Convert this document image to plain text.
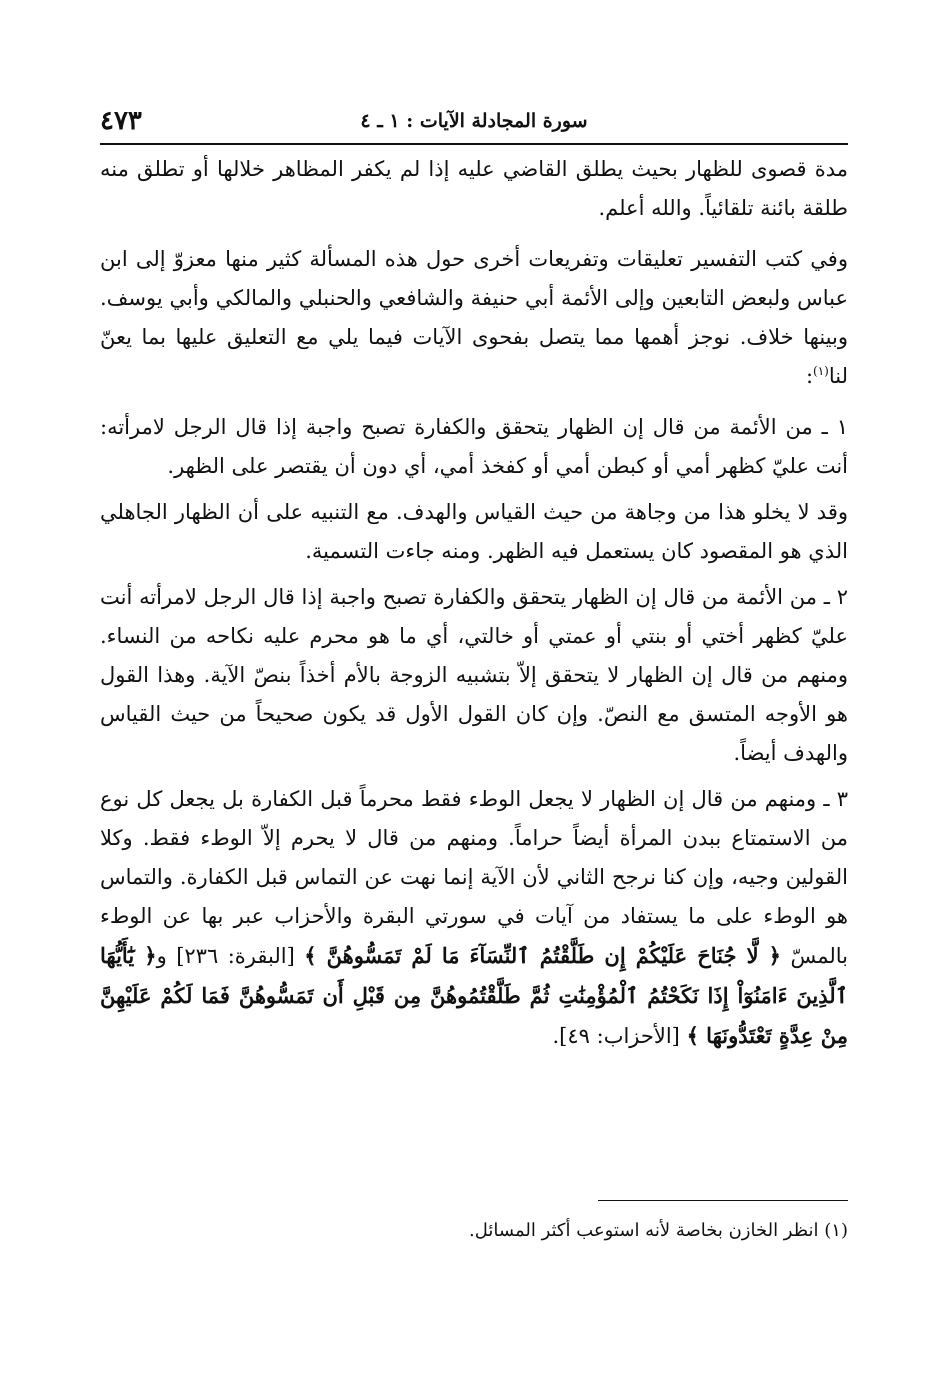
سورة المجادلة الآيات : ١ ـ ٤
٤٧٣

مدة قصوى للظهار بحيث يطلق القاضي عليه إذا لم يكفر المظاهر خلالها أو تطلق منه طلقة بائنة تلقائياً. والله أعلم.

وفي كتب التفسير تعليقات وتفريعات أخرى حول هذه المسألة كثير منها معزوّ إلى ابن عباس ولبعض التابعين وإلى الأئمة أبي حنيفة والشافعي والحنبلي والمالكي وأبي يوسف. وبينها خلاف. نوجز أهمها مما يتصل بفحوى الآيات فيما يلي مع التعليق عليها بما يعنّ لنا$^{(١)}$:

١ ـ من الأئمة من قال إن الظهار يتحقق والكفارة تصبح واجبة إذا قال الرجل لامرأته: أنت عليّ كظهر أمي أو كبطن أمي أو كفخذ أمي، أي دون أن يقتصر على الظهر.

وقد لا يخلو هذا من وجاهة من حيث القياس والهدف. مع التنبيه على أن الظهار الجاهلي الذي هو المقصود كان يستعمل فيه الظهر. ومنه جاءت التسمية.

٢ ـ من الأئمة من قال إن الظهار يتحقق والكفارة تصبح واجبة إذا قال الرجل لامرأته أنت عليّ كظهر أختي أو بنتي أو عمتي أو خالتي، أي ما هو محرم عليه نكاحه من النساء. ومنهم من قال إن الظهار لا يتحقق إلاّ بتشبيه الزوجة بالأم أخذاً بنصّ الآية. وهذا القول هو الأوجه المتسق مع النصّ. وإن كان القول الأول قد يكون صحيحاً من حيث القياس والهدف أيضاً.

٣ ـ ومنهم من قال إن الظهار لا يجعل الوطء فقط محرماً قبل الكفارة بل يجعل كل نوع من الاستمتاع ببدن المرأة أيضاً حراماً. ومنهم من قال لا يحرم إلاّ الوطء فقط. وكلا القولين وجيه، وإن كنا نرجح الثاني لأن الآية إنما نهت عن التماس قبل الكفارة. والتماس هو الوطء على ما يستفاد من آيات في سورتي البقرة والأحزاب عبر بها عن الوطء بالمسّ ﴿ لَّا جُنَاحَ عَلَيْكُمْ إِن طَلَّقْتُمُ ٱلنِّسَآءَ مَا لَمْ تَمَسُّوهُنَّ ﴾ [البقرة: ٢٣٦] و﴿ يَٰٓأَيُّهَا ٱلَّذِينَ ءَامَنُوٓاْ إِذَا نَكَحْتُمُ ٱلْمُؤْمِنَٰتِ ثُمَّ طَلَّقْتُمُوهُنَّ مِن قَبْلِ أَن تَمَسُّوهُنَّ فَمَا لَكُمْ عَلَيْهِنَّ مِنْ عِدَّةٍ تَعْتَدُّونَهَا ﴾ [الأحزاب: ٤٩].

(١) انظر الخازن بخاصة لأنه استوعب أكثر المسائل.
